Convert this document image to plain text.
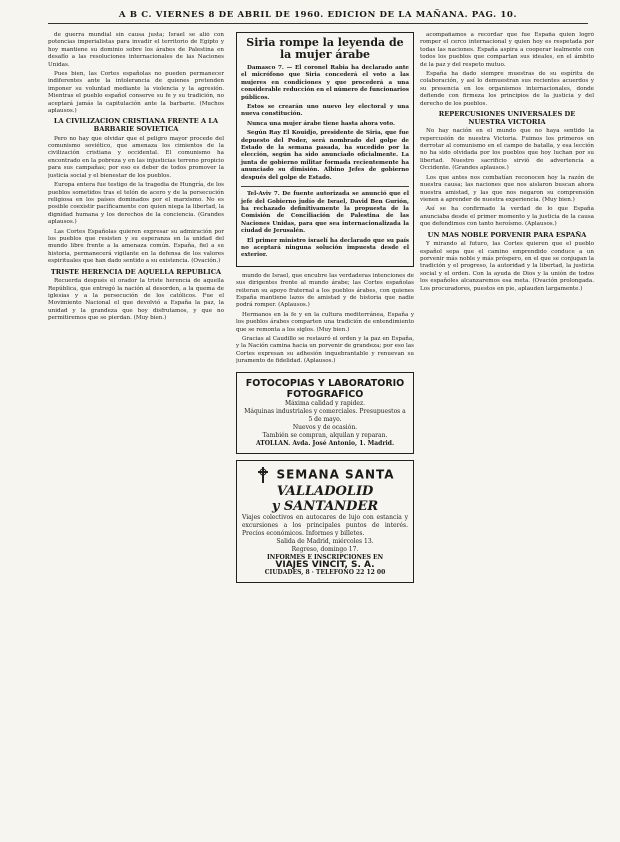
A B C. VIERNES 8 DE ABRIL DE 1960. EDICION DE LA MAÑANA. PAG. 10.

de guerra mundial sin causa justa; Israel se alió con potencias imperialistas para invadir el territorio de Egipto y hoy mantiene su dominio sobre los árabes de Palestina en desafío a las resoluciones internacionales de las Naciones Unidas.

Pues bien, las Cortes españolas no pueden permanecer indiferentes ante la intolerancia de quienes pretenden imponer su voluntad mediante la violencia y la agresión. Mientras el pueblo español conserve su fe y su tradición, no aceptará jamás la capitulación ante la barbarie. (Muchos aplausos.)

LA CIVILIZACION CRISTIANA FRENTE A LA BARBARIE SOVIETICA

Pero no hay que olvidar que el peligro mayor procede del comunismo soviético, que amenaza los cimientos de la civilización cristiana y occidental. El comunismo ha encontrado en la pobreza y en las injusticias terreno propicio para sus campañas; por eso es deber de todos promover la justicia social y el bienestar de los pueblos.

Europa entera fue testigo de la tragedia de Hungría, de los pueblos sometidos tras el telón de acero y de la persecución religiosa en los países dominados por el marxismo. No es posible coexistir pacíficamente con quien niega la libertad, la dignidad humana y los derechos de la conciencia. (Grandes aplausos.)

Las Cortes Españolas quieren expresar su admiración por los pueblos que resisten y su esperanza en la unidad del mundo libre frente a la amenaza común. España, fiel a su historia, permanecerá vigilante en la defensa de los valores espirituales que han dado sentido a su existencia. (Ovación.)

TRISTE HERENCIA DE AQUELLA REPUBLICA

Recuerda después el orador la triste herencia de aquella República, que entregó la nación al desorden, a la quema de iglesias y a la persecución de los católicos. Fue el Movimiento Nacional el que devolvió a España la paz, la unidad y la grandeza que hoy disfrutamos, y que no permitiremos que se pierdan. (Muy bien.)

Siria rompe la leyenda de la mujer árabe

Damasco 7. — El coronel Rabia ha declarado ante el micrófono que Siria concederá el voto a las mujeres en condiciones y que procederá a una considerable reducción en el número de funcionarios públicos.

Estos se crearán uno nuevo ley electoral y una nueva constitución.

Nunca una mujer árabe tiene hasta ahora voto.

Según Ray El Kouidjo, presidente de Siria, que fue depuesto del Poder, será nombrado del golpe de Estado de la semana pasada, ha sucedido por la elección, según ha sido anunciado oficialmente. La junta de gobierno militar formada recientemente ha anunciado su dimisión. Albino Jefes de gobierno después del golpe de Estado.

Tel-Aviv 7. De fuente autorizada se anunció que el jefe del Gobierno judío de Israel, David Ben Gurión, ha rechazado definitivamente la propuesta de la Comisión de Conciliación de Palestina de las Naciones Unidas, para que sea internacionalizada la ciudad de Jerusalén.

El primer ministro israelí ha declarado que su país no aceptará ninguna solución impuesta desde el exterior.

mundo de Israel, que encubre las verdaderas intenciones de sus dirigentes frente al mundo árabe; las Cortes españolas reiteran su apoyo fraternal a los pueblos árabes, con quienes España mantiene lazos de amistad y de historia que nadie podrá romper. (Aplausos.)

Hermanos en la fe y en la cultura mediterránea, España y los pueblos árabes comparten una tradición de entendimiento que se remonta a los siglos. (Muy bien.)

Gracias al Caudillo se restauró el orden y la paz en España, y la Nación camina hacia un porvenir de grandeza; por eso las Cortes expresan su adhesión inquebrantable y renuevan su juramento de fidelidad. (Aplausos.)

FOTOCOPIAS Y LABORATORIO
FOTOGRAFICO
Máxima calidad y rapidez.
Máquinas industriales y comerciales. Presupuestos a 5 de mayo.
Nuevos y de ocasión.
También se compran, alquilan y reparan.
ATOLLAN. Avda. José Antonio, 1. Madrid.
SEMANA SANTA
VALLADOLID
y SANTANDER
Viajes colectivos en autocares de lujo con estancia y excursiones a los principales puntos de interés. Precios económicos. Informes y billetes.
Salida de Madrid, miércoles 13.
Regreso, domingo 17.
INFORMES E INSCRIPCIONES EN
VIAJES VINCIT, S. A.
CIUDADES, 8 · TELEFONO 22 12 00

acompañamos a recordar que fue España quien logró romper el cerco internacional y quien hoy es respetada por todas las naciones. España aspira a cooperar lealmente con todos los pueblos que compartan sus ideales, en el ámbito de la paz y del respeto mutuo.

España ha dado siempre muestras de su espíritu de colaboración, y así lo demuestran sus recientes acuerdos y su presencia en los organismos internacionales, donde defiende con firmeza los principios de la justicia y del derecho de los pueblos.

REPERCUSIONES UNIVERSALES DE NUESTRA VICTORIA

No hay nación en el mundo que no haya sentido la repercusión de nuestra Victoria. Fuimos los primeros en derrotar al comunismo en el campo de batalla, y esa lección no ha sido olvidada por los pueblos que hoy luchan por su libertad. Nuestro sacrificio sirvió de advertencia a Occidente. (Grandes aplausos.)

Los que antes nos combatían reconocen hoy la razón de nuestra causa; las naciones que nos aislaron buscan ahora nuestra amistad, y las que nos negaron su comprensión vienen a aprender de nuestra experiencia. (Muy bien.)

Así se ha confirmado la verdad de lo que España anunciaba desde el primer momento y la justicia de la causa que defendimos con tanto heroísmo. (Aplausos.)

UN MAS NOBLE PORVENIR PARA ESPAÑA

Y mirando al futuro, las Cortes quieren que el pueblo español sepa que el camino emprendido conduce a un porvenir más noble y más próspero, en el que se conjugan la tradición y el progreso, la autoridad y la libertad, la justicia social y el orden. Con la ayuda de Dios y la unión de todos los españoles alcanzaremos esa meta. (Ovación prolongada. Los procuradores, puestos en pie, aplauden largamente.)
